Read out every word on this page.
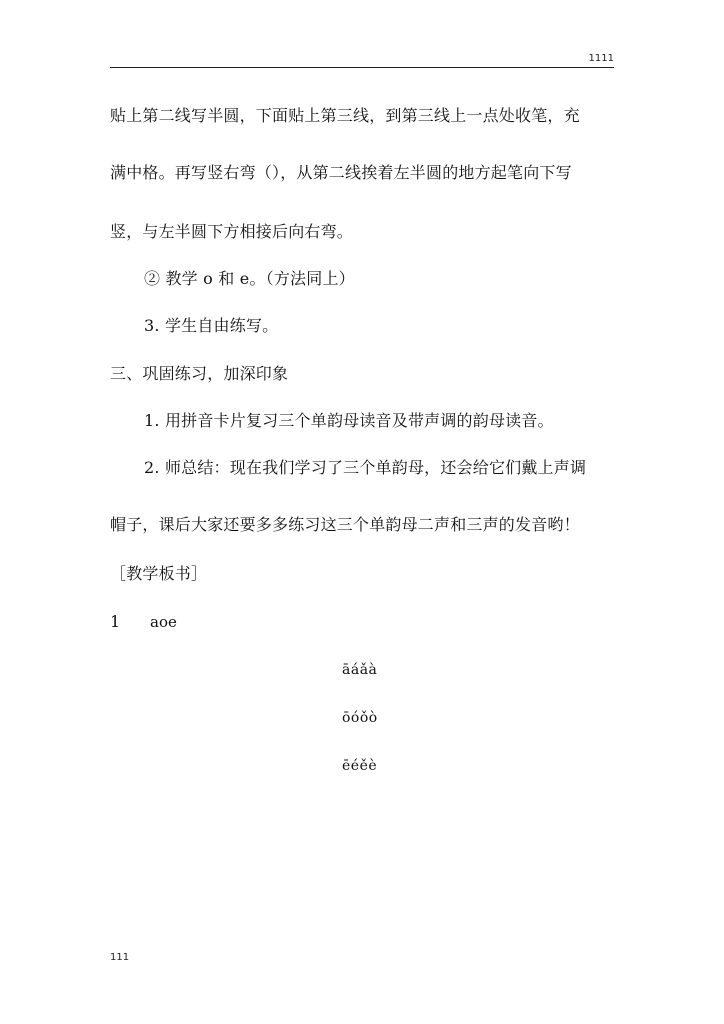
1111
贴上第二线写半圆，下面贴上第三线，到第三线上一点处收笔，充
满中格。再写竖右弯（），从第二线挨着左半圆的地方起笔向下写
竖，与左半圆下方相接后向右弯。
② 教学 o 和 e。（方法同上）
3. 学生自由练写。
三、巩固练习，加深印象
1. 用拼音卡片复习三个单韵母读音及带声调的韵母读音。
2. 师总结：现在我们学习了三个单韵母，还会给它们戴上声调
帽子，课后大家还要多多练习这三个单韵母二声和三声的发音哟！
［教学板书］
1 aoe
āáǎà
ōóǒò
ēéěè
111
